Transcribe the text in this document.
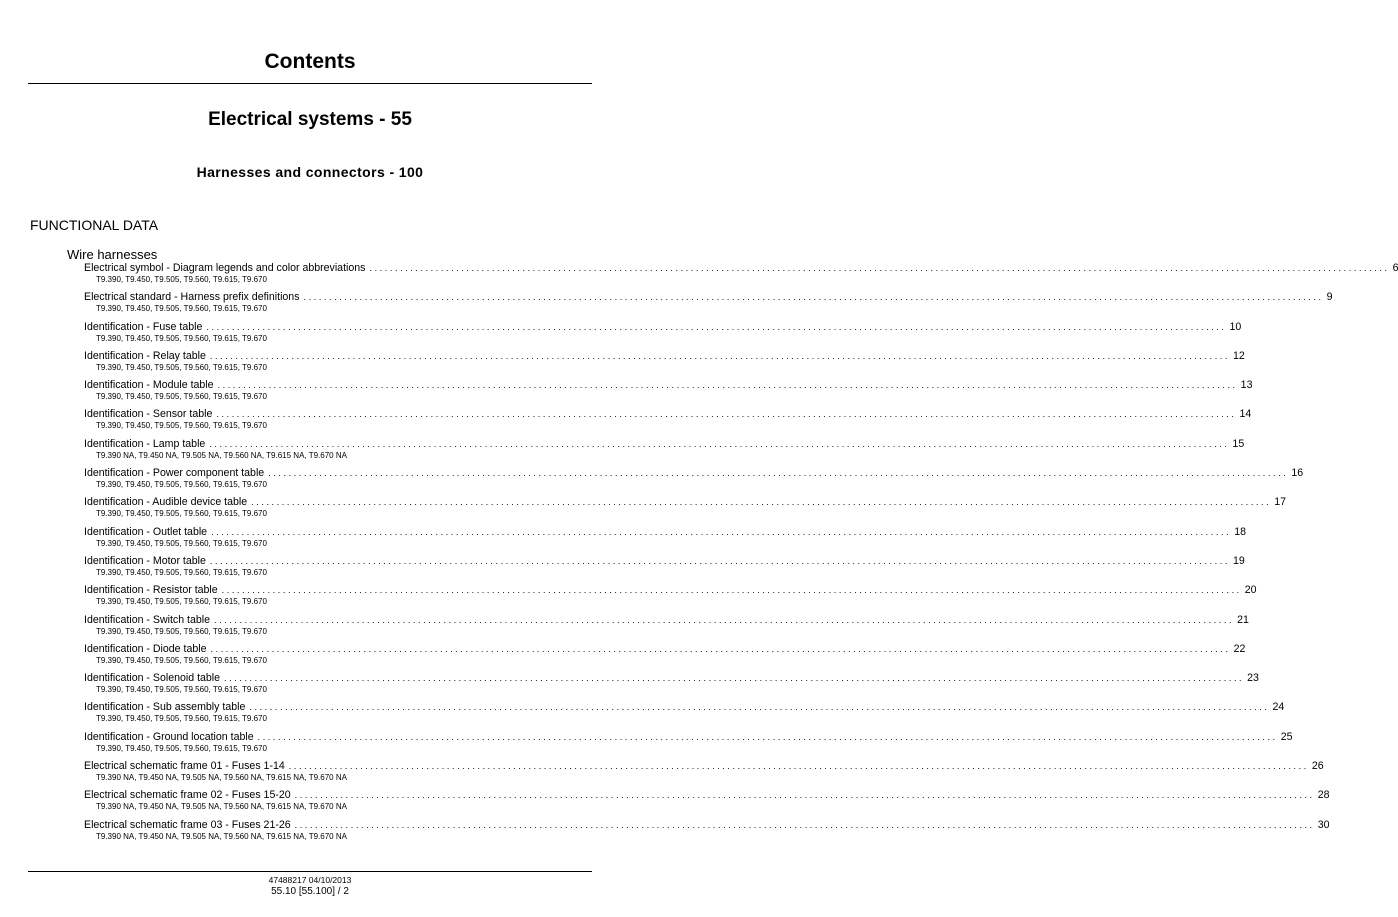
Contents
Electrical systems - 55
Harnesses and connectors - 100
FUNCTIONAL DATA
Wire harnesses
Electrical symbol - Diagram legends and color abbreviations ........................................................................................................................................................................................................ 6
T9.390, T9.450, T9.505, T9.560, T9.615, T9.670
Electrical standard - Harness prefix definitions ........................................................................................................................................................................................................ 9
T9.390, T9.450, T9.505, T9.560, T9.615, T9.670
Identification - Fuse table ........................................................................................................................................................................................................ 10
T9.390, T9.450, T9.505, T9.560, T9.615, T9.670
Identification - Relay table ........................................................................................................................................................................................................ 12
T9.390, T9.450, T9.505, T9.560, T9.615, T9.670
Identification - Module table ........................................................................................................................................................................................................ 13
T9.390, T9.450, T9.505, T9.560, T9.615, T9.670
Identification - Sensor table ........................................................................................................................................................................................................ 14
T9.390, T9.450, T9.505, T9.560, T9.615, T9.670
Identification - Lamp table ........................................................................................................................................................................................................ 15
T9.390 NA, T9.450 NA, T9.505 NA, T9.560 NA, T9.615 NA, T9.670 NA
Identification - Power component table ........................................................................................................................................................................................................ 16
T9.390, T9.450, T9.505, T9.560, T9.615, T9.670
Identification - Audible device table ........................................................................................................................................................................................................ 17
T9.390, T9.450, T9.505, T9.560, T9.615, T9.670
Identification - Outlet table ........................................................................................................................................................................................................ 18
T9.390, T9.450, T9.505, T9.560, T9.615, T9.670
Identification - Motor table ........................................................................................................................................................................................................ 19
T9.390, T9.450, T9.505, T9.560, T9.615, T9.670
Identification - Resistor table ........................................................................................................................................................................................................ 20
T9.390, T9.450, T9.505, T9.560, T9.615, T9.670
Identification - Switch table ........................................................................................................................................................................................................ 21
T9.390, T9.450, T9.505, T9.560, T9.615, T9.670
Identification - Diode table ........................................................................................................................................................................................................ 22
T9.390, T9.450, T9.505, T9.560, T9.615, T9.670
Identification - Solenoid table ........................................................................................................................................................................................................ 23
T9.390, T9.450, T9.505, T9.560, T9.615, T9.670
Identification - Sub assembly table ........................................................................................................................................................................................................ 24
T9.390, T9.450, T9.505, T9.560, T9.615, T9.670
Identification - Ground location table ........................................................................................................................................................................................................ 25
T9.390, T9.450, T9.505, T9.560, T9.615, T9.670
Electrical schematic frame 01 - Fuses 1-14 ........................................................................................................................................................................................................ 26
T9.390 NA, T9.450 NA, T9.505 NA, T9.560 NA, T9.615 NA, T9.670 NA
Electrical schematic frame 02 - Fuses 15-20 ........................................................................................................................................................................................................ 28
T9.390 NA, T9.450 NA, T9.505 NA, T9.560 NA, T9.615 NA, T9.670 NA
Electrical schematic frame 03 - Fuses 21-26 ........................................................................................................................................................................................................ 30
T9.390 NA, T9.450 NA, T9.505 NA, T9.560 NA, T9.615 NA, T9.670 NA
47488217 04/10/2013
55.10 [55.100] / 2
